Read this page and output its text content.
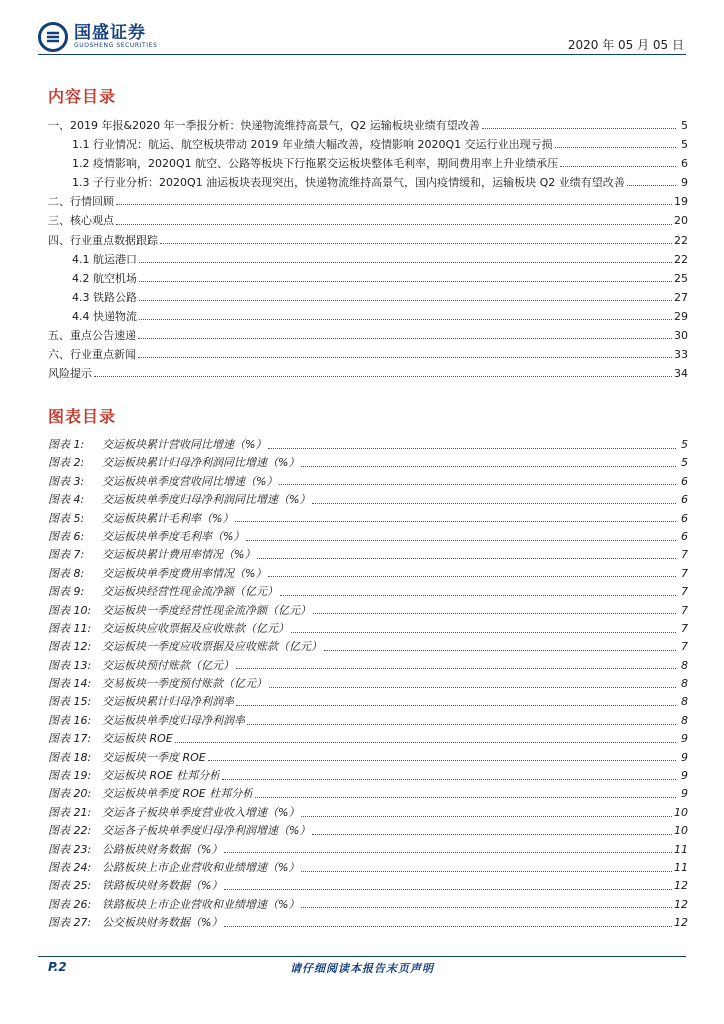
国盛证券
GUOSHENG SECURITIES	2020 年 05 月 05 日
内容目录
一、2019 年报&2020 年一季报分析：快递物流维持高景气，Q2 运输板块业绩有望改善	5
1.1 行业情况：航运、航空板块带动 2019 年业绩大幅改善，疫情影响 2020Q1 交运行业出现亏损	5
1.2 疫情影响，2020Q1 航空、公路等板块下行拖累交运板块整体毛利率，期间费用率上升业绩承压	6
1.3 子行业分析：2020Q1 油运板块表现突出，快递物流维持高景气，国内疫情缓和，运输板块 Q2 业绩有望改善	9
二、行情回顾	19
三、核心观点	20
四、行业重点数据跟踪	22
4.1 航运港口	22
4.2 航空机场	25
4.3 铁路公路	27
4.4 快递物流	29
五、重点公告速递	30
六、行业重点新闻	33
风险提示	34
图表目录
图表 1: 交运板块累计营收同比增速（%）	5
图表 2: 交运板块累计归母净利润同比增速（%）	5
图表 3: 交运板块单季度营收同比增速（%）	6
图表 4: 交运板块单季度归母净利润同比增速（%）	6
图表 5: 交运板块累计毛利率（%）	6
图表 6: 交运板块单季度毛利率（%）	6
图表 7: 交运板块累计费用率情况（%）	7
图表 8: 交运板块单季度费用率情况（%）	7
图表 9: 交运板块经营性现金流净额（亿元）	7
图表 10: 交运板块一季度经营性现金流净额（亿元）	7
图表 11: 交运板块应收票据及应收账款（亿元）	7
图表 12: 交运板块一季度应收票据及应收账款（亿元）	7
图表 13: 交运板块预付账款（亿元）	8
图表 14: 交易板块一季度预付账款（亿元）	8
图表 15: 交运板块累计归母净利润率	8
图表 16: 交运板块单季度归母净利润率	8
图表 17: 交运板块 ROE	9
图表 18: 交运板块一季度 ROE	9
图表 19: 交运板块 ROE 杜邦分析	9
图表 20: 交运板块单季度 ROE 杜邦分析	9
图表 21: 交运各子板块单季度营业收入增速（%）	10
图表 22: 交运各子板块单季度归母净利润增速（%）	10
图表 23: 公路板块财务数据（%）	11
图表 24: 公路板块上市企业营收和业绩增速（%）	11
图表 25: 铁路板块财务数据（%）	12
图表 26: 铁路板块上市企业营收和业绩增速（%）	12
图表 27: 公交板块财务数据（%）	12
P.2	请仔细阅读本报告末页声明
